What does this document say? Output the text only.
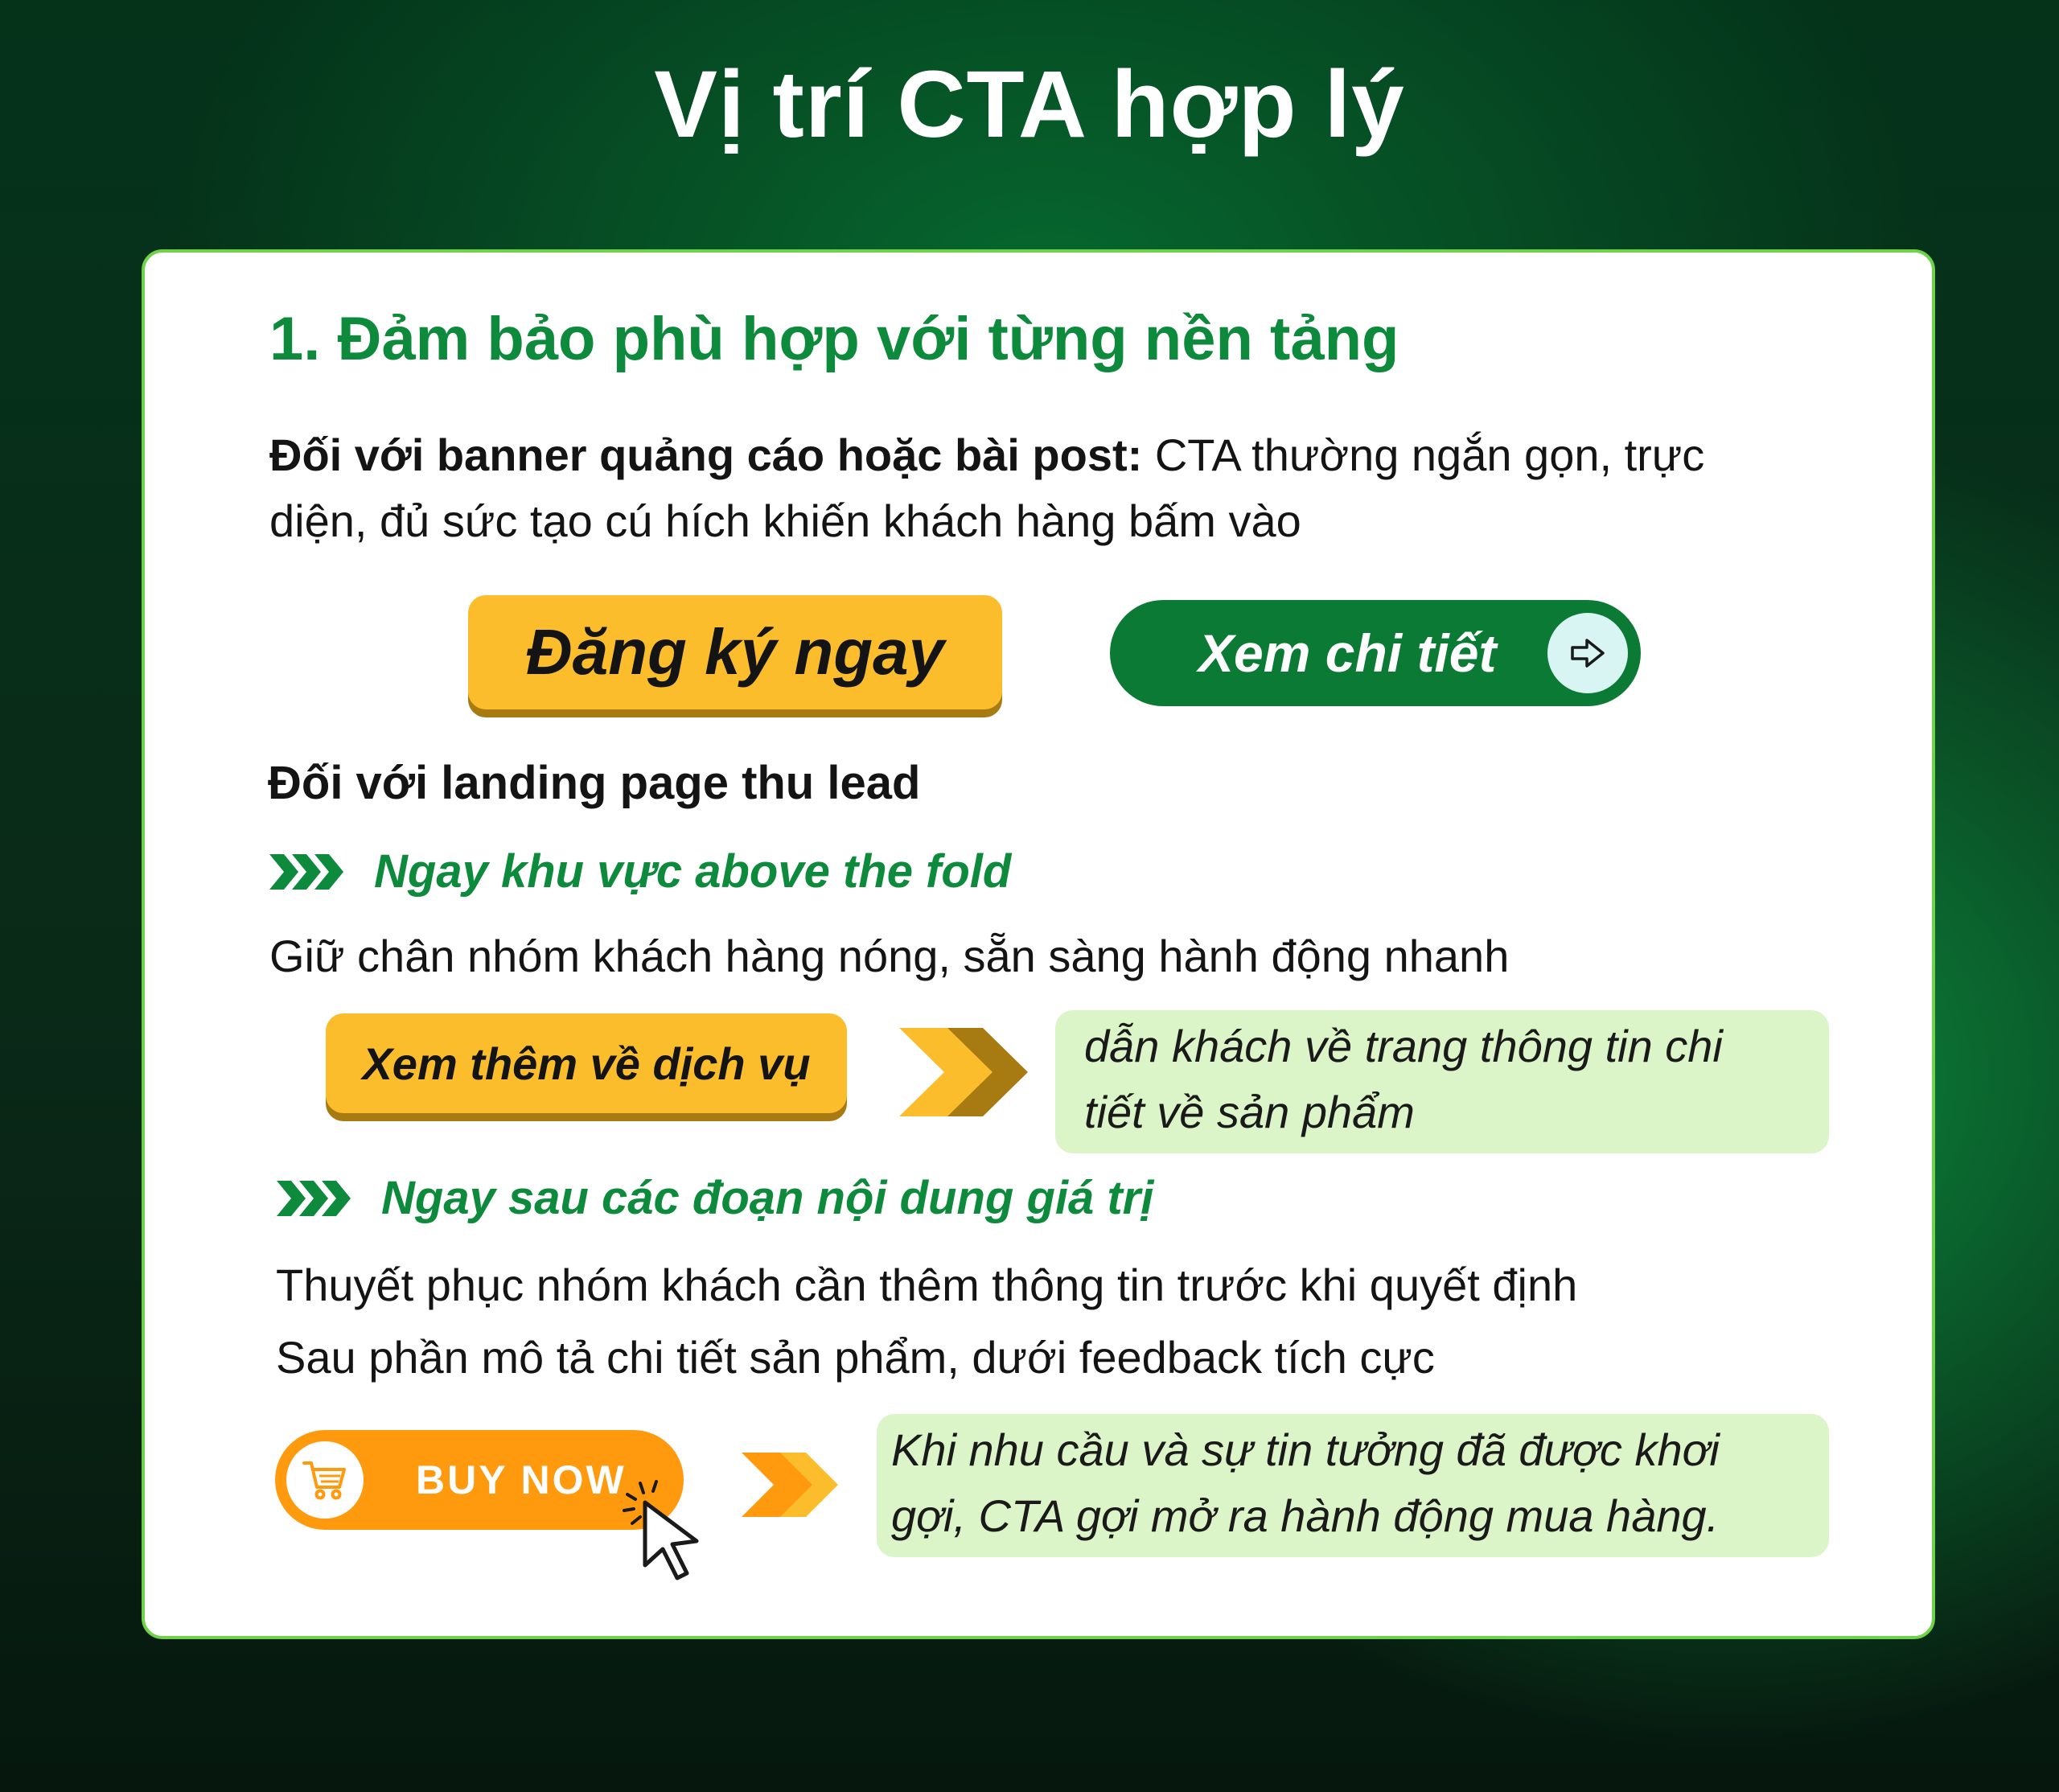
Vị trí CTA hợp lý
1. Đảm bảo phù hợp với từng nền tảng
Đối với banner quảng cáo hoặc bài post: CTA thường ngắn gọn, trực
diện, đủ sức tạo cú hích khiến khách hàng bấm vào
Đăng ký ngay	Xem chi tiết
Đối với landing page thu lead
Ngay khu vực above the fold
Giữ chân nhóm khách hàng nóng, sẵn sàng hành động nhanh
Xem thêm về dịch vụ	dẫn khách về trang thông tin chi
tiết về sản phẩm
Ngay sau các đoạn nội dung giá trị
Thuyết phục nhóm khách cần thêm thông tin trước khi quyết định
Sau phần mô tả chi tiết sản phẩm, dưới feedback tích cực
BUY NOW
Khi nhu cầu và sự tin tưởng đã được khơi
gợi, CTA gợi mở ra hành động mua hàng.
